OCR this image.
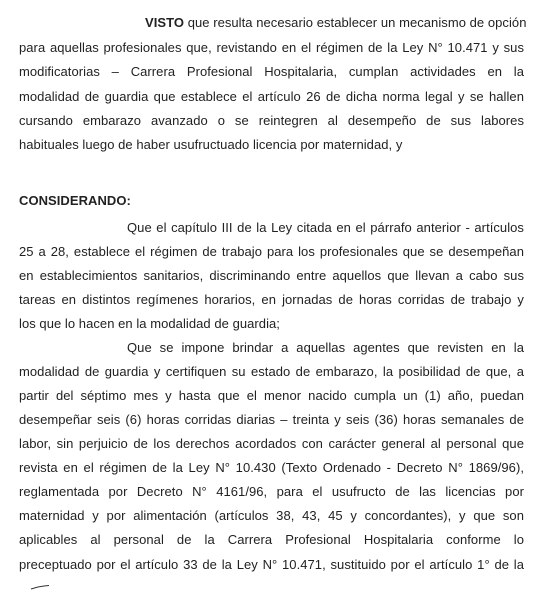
VISTO que resulta necesario establecer un mecanismo de opción
para aquellas profesionales que, revistando en el régimen de la Ley N° 10.471 y sus
modificatorias – Carrera Profesional Hospitalaria, cumplan actividades en la
modalidad de guardia que establece el artículo 26 de dicha norma legal y se hallen
cursando embarazo avanzado o se reintegren al desempeño de sus labores
habituales luego de haber usufructuado licencia por maternidad, y
CONSIDERANDO:
Que el capítulo III de la Ley citada en el párrafo anterior - artículos
25 a 28, establece el régimen de trabajo para los profesionales que se desempeñan
en establecimientos sanitarios, discriminando entre aquellos que llevan a cabo sus
tareas en distintos regímenes horarios, en jornadas de horas corridas de trabajo y
los que lo hacen en la modalidad de guardia;
Que se impone brindar a aquellas agentes que revisten en la
modalidad de guardia y certifiquen su estado de embarazo, la posibilidad de que, a
partir del séptimo mes y hasta que el menor nacido cumpla un (1) año, puedan
desempeñar seis (6) horas corridas diarias – treinta y seis (36) horas semanales de
labor, sin perjuicio de los derechos acordados con carácter general al personal que
revista en el régimen de la Ley N° 10.430 (Texto Ordenado - Decreto N° 1869/96),
reglamentada por Decreto N° 4161/96, para el usufructo de las licencias por
maternidad y por alimentación (artículos 38, 43, 45 y concordantes), y que son
aplicables al personal de la Carrera Profesional Hospitalaria conforme lo
preceptuado por el artículo 33 de la Ley N° 10.471, sustituido por el artículo 1° de la
